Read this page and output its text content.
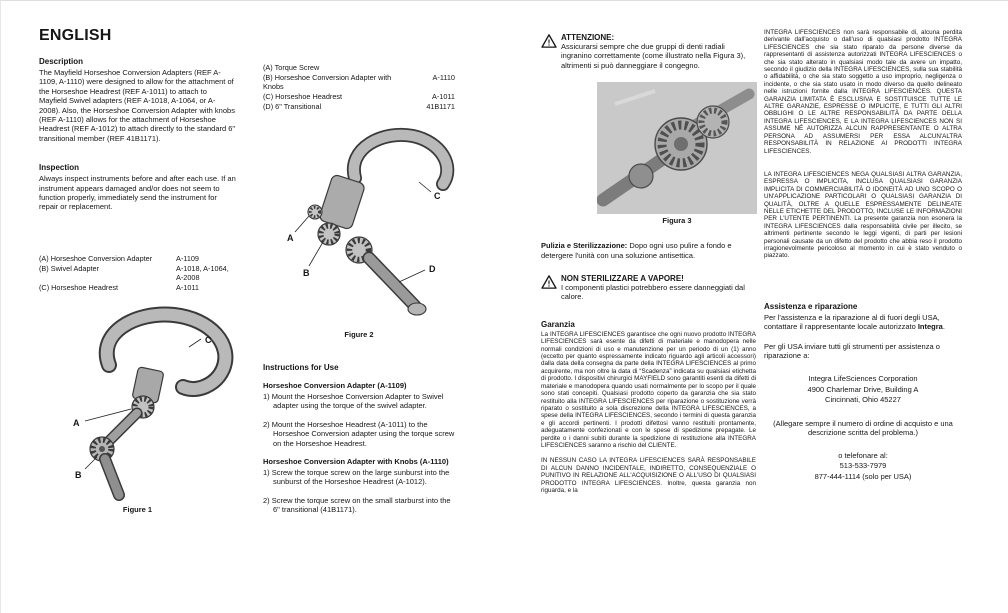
ENGLISH
Description

The Mayfield Horseshoe Conversion Adapters (REF A-1109, A-1110) were designed to allow for the attachment of the Horseshoe Headrest (REF A-1011) to attach to Mayfield Swivel adapters (REF A-1018, A-1064, or A-2008). Also, the Horseshoe Conversion Adapter with knobs (REF A-1110) allows for the attachment of Horseshoe Headrest (REF A-1012) to attach directly to the standard 6" transitional member (REF 41B1171).

Inspection

Always inspect instruments before and after each use. If an instrument appears damaged and/or does not seem to function properly, immediately send the instrument for repair or replacement.

(A) Horseshoe Conversion Adapter	A-1109
(B) Swivel Adapter	A-1018, A-1064, A-2008
(C) Horseshoe Headrest	A-1011
C
A
B
Figure 1
(A) Torque Screw	
(B) Horseshoe Conversion Adapter with Knobs	A-1110
(C) Horseshoe Headrest	A-1011
(D) 6" Transitional	41B1171
C
A
B	D
Figure 2
Instructions for Use
Horseshoe Conversion Adapter (A-1109)

1) Mount the Horseshoe Conversion Adapter to Swivel adapter using the torque of the swivel adapter.

2) Mount the Horseshoe Headrest (A-1011) to the Horseshoe Conversion adapter using the torque screw on the Horseshoe Headrest.

Horseshoe Conversion Adapter with Knobs (A-1110)

1) Screw the torque screw on the large sunburst into the sunburst of the Horseshoe Headrest (A-1012).

2) Screw the torque screw on the small starburst into the 6" transitional (41B1171).

!
ATTENZIONE:

Assicurarsi sempre che due gruppi di denti radiali ingranino correttamente (come illustrato nella Figura 3), altrimenti si può danneggiare il congegno.

Figura 3

Pulizia e Sterilizzazione: Dopo ogni uso pulire a fondo e detergere l'unità con una soluzione antisettica.

!
NON STERILIZZARE A VAPORE!

I componenti plastici potrebbero essere danneggiati dal calore.

Garanzia

La INTEGRA LIFESCIENCES garantisce che ogni nuovo prodotto INTEGRA LIFESCIENCES sarà esente da difetti di materiale e manodopera nelle normali condizioni di uso e manutenzione per un periodo di un (1) anno (eccetto per quanto espressamente indicato riguardo agli articoli accessori) dalla data della consegna da parte della INTEGRA LIFESCIENCES al primo acquirente, ma non oltre la data di “Scadenza” indicata su qualsiasi etichetta di prodotto. I dispositivi chirurgici MAYFIELD sono garantiti esenti da difetti di materiale e manodopera quando usati normalmente per lo scopo per il quale sono stati concepiti. Qualsiasi prodotto coperto da garanzia che sia stato restituito alla INTEGRA LIFESCIENCES per riparazione o sostituzione verrà riparato o sostituito a sola discrezione della INTEGRA LIFESCIENCES, a spese della INTEGRA LIFESCIENCES, secondo i termini di questa garanzia e gli accordi pertinenti. I prodotti difettosi vanno restituiti prontamente, adeguatamente confezionati e con le spese di spedizione prepagate. Le perdite o i danni subiti durante la spedizione di restituzione alla INTEGRA LIFESCIENCES saranno a rischio del CLIENTE.

IN NESSUN CASO LA INTEGRA LIFESCIENCES SARÀ RESPONSABILE DI ALCUN DANNO INCIDENTALE, INDIRETTO, CONSEQUENZIALE O PUNITIVO IN RELAZIONE ALL'ACQUISIZIONE O ALL'USO DI QUALSIASI PRODOTTO INTEGRA LIFESCIENCES. Inoltre, questa garanzia non riguarda, e la

INTEGRA LIFESCIENCES non sarà responsabile di, alcuna perdita derivante dall'acquisto o dall'uso di qualsiasi prodotto INTEGRA LIFESCIENCES che sia stato riparato da persone diverse da rappresentanti di assistenza autorizzati INTEGRA LIFESCIENCES o che sia stato alterato in qualsiasi modo tale da avere un impatto, secondo il giudizio della INTEGRA LIFESCIENCES, sulla sua stabilità o affidabilità, o che sia stato soggetto a uso improprio, negligenza o incidente, o che sia stato usato in modo diverso da quello delineato nelle istruzioni fornite dalla INTEGRA LIFESCIENCES. QUESTA GARANZIA LIMITATA È ESCLUSIVA E SOSTITUISCE TUTTE LE ALTRE GARANZIE, ESPRESSE O IMPLICITE, E TUTTI GLI ALTRI OBBLIGHI O LE ALTRE RESPONSABILITÀ DA PARTE DELLA INTEGRA LIFESCIENCES, E LA INTEGRA LIFESCIENCES NON SI ASSUME NÉ AUTORIZZA ALCUN RAPPRESENTANTE O ALTRA PERSONA AD ASSUMERSI PER ESSA ALCUN'ALTRA RESPONSABILITÀ IN RELAZIONE AI PRODOTTI INTEGRA LIFESCIENCES.

LA INTEGRA LIFESCIENCES NEGA QUALSIASI ALTRA GARANZIA, ESPRESSA O IMPLICITA, INCLUSA QUALSIASI GARANZIA IMPLICITA DI COMMERCIABILITÀ O IDONEITÀ AD UNO SCOPO O UN'APPLICAZIONE PARTICOLARI O QUALSIASI GARANZIA DI QUALITÀ, OLTRE A QUELLE ESPRESSAMENTE DELINEATE NELLE ETICHETTE DEL PRODOTTO, INCLUSE LE INFORMAZIONI PER L'UTENTE PERTINENTI. La presente garanzia non esonera la INTEGRA LIFESCIENCES dalla responsabilità civile per illecito, se altrimenti pertinente secondo le leggi vigenti, di parti per lesioni personali causate da un difetto del prodotto che abbia reso il prodotto irragionevolmente pericoloso al momento in cui è stato venduto o piazzato.

Assistenza e riparazione

Per l'assistenza e la riparazione al di fuori degli USA, contattare il rappresentante locale autorizzato Integra.

Per gli USA inviare tutti gli strumenti per assistenza o riparazione a:

Integra LifeSciences Corporation
4900 Charlemar Drive, Building A
Cincinnati, Ohio 45227

(Allegare sempre il numero di ordine di acquisto e una descrizione scritta del problema.)

o telefonare al:
513-533-7979
877-444-1114 (solo per USA)
